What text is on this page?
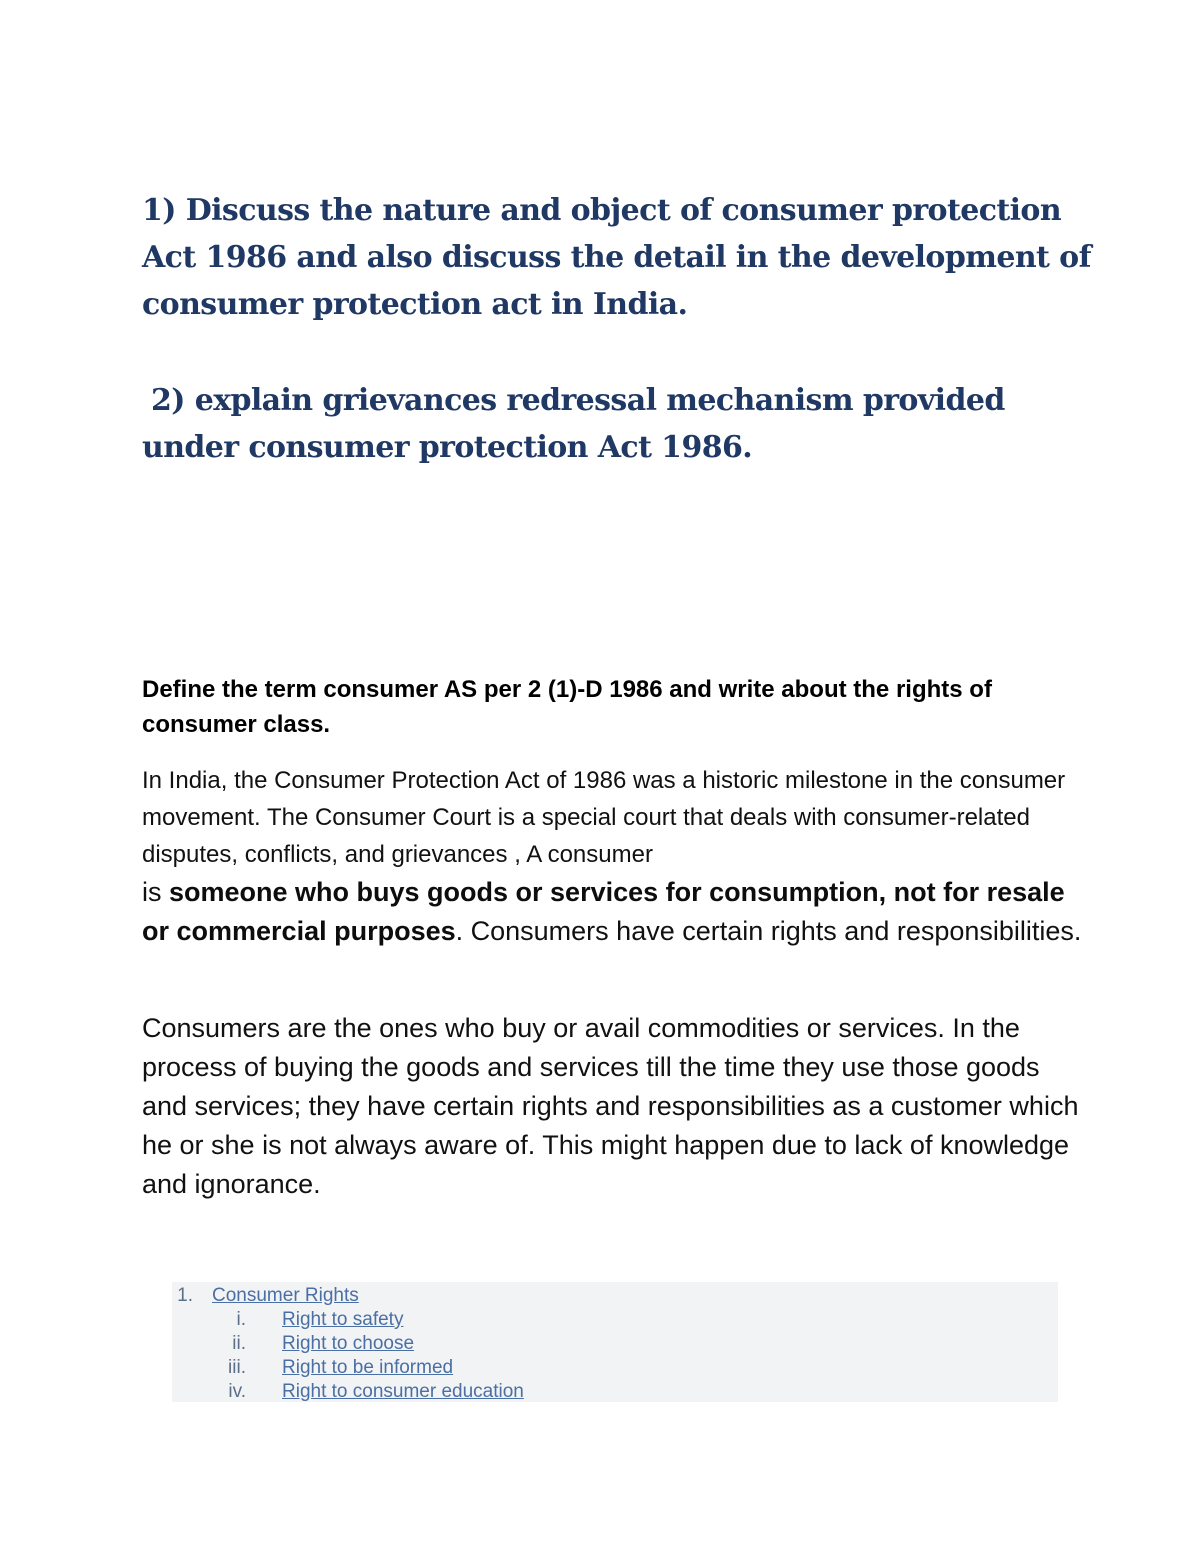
1) Discuss the nature and object of consumer protection Act 1986 and also discuss the detail in the development of consumer protection act in India.

2) explain grievances redressal mechanism provided under consumer protection Act 1986.

Define the term consumer AS per 2 (1)-D 1986 and write about the rights of consumer class.

In India, the Consumer Protection Act of 1986 was a historic milestone in the consumer movement. The Consumer Court is a special court that deals with consumer-related disputes, conflicts, and grievances , A consumer
is someone who buys goods or services for consumption, not for resale or commercial purposes. Consumers have certain rights and responsibilities.

Consumers are the ones who buy or avail commodities or services. In the process of buying the goods and services till the time they use those goods and services; they have certain rights and responsibilities as a customer which he or she is not always aware of. This might happen due to lack of knowledge and ignorance.

1. Consumer Rights
i. Right to safety
ii. Right to choose
iii. Right to be informed
iv. Right to consumer education
